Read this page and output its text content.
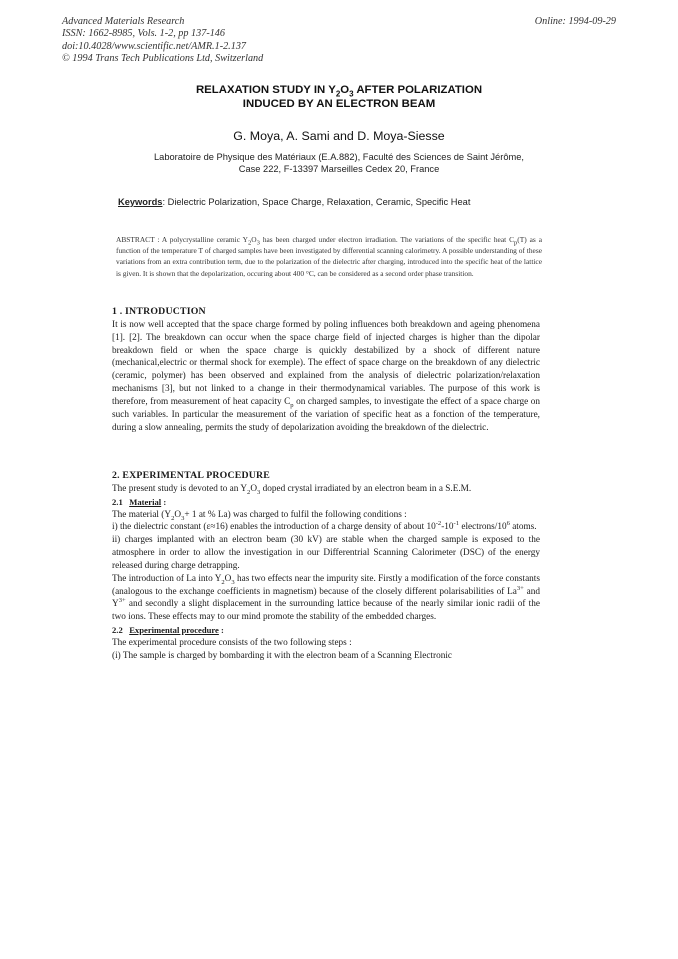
Advanced Materials Research
ISSN: 1662-8985, Vols. 1-2, pp 137-146
doi:10.4028/www.scientific.net/AMR.1-2.137
© 1994 Trans Tech Publications Ltd, Switzerland
Online: 1994-09-29
RELAXATION STUDY IN $Y_2O_3$ AFTER POLARIZATION
INDUCED BY AN ELECTRON BEAM
G. Moya, A. Sami and D. Moya-Siesse
Laboratoire de Physique des Matériaux (E.A.882), Faculté des Sciences de Saint Jérôme,
Case 222, F-13397 Marseilles Cedex 20, France
Keywords: Dielectric Polarization, Space Charge, Relaxation, Ceramic, Specific Heat
ABSTRACT : A polycrystalline ceramic $Y_2O_3$ has been charged under electron irradiation. The variations of the specific heat $C_p(T)$ as a function of the temperature T of charged samples have been investigated by differential scanning calorimetry. A possible understanding of these variations from an extra contribution term, due to the polarization of the dielectric after charging, introduced into the specific heat of the lattice is given. It is shown that the depolarization, occuring about 400 °C, can be considered as a second order phase transition.

1 . INTRODUCTION

It is now well accepted that the space charge formed by poling influences both breakdown and ageing phenomena [1]. [2]. The breakdown can occur when the space charge field of injected charges is higher than the dipolar breakdown field or when the space charge is quickly destabilized by a shock of different nature (mechanical,electric or thermal shock for exemple). The effect of space charge on the breakdown of any dielectric (ceramic, polymer) has been observed and explained from the analysis of dielectric polarization/relaxation mechanisms [3], but not linked to a change in their thermodynamical variables. The purpose of this work is therefore, from measurement of heat capacity $C_p$ on charged samples, to investigate the effect of a space charge on such variables. In particular the measurement of the variation of specific heat as a fonction of the temperature, during a slow annealing, permits the study of depolarization avoiding the breakdown of the dielectric.

2. EXPERIMENTAL PROCEDURE

The present study is devoted to an $Y_2O_3$ doped crystal irradiated by an electron beam in a S.E.M.

2.1 Material :

The material ($Y_2O_3+ 1$ at % La) was charged to fulfil the following conditions :

i) the dielectric constant (ε≈16) enables the introduction of a charge density of about $10^{-2}-10^{-1}$ electrons/$10^6$ atoms.

ii) charges implanted with an electron beam (30 kV) are stable when the charged sample is exposed to the atmosphere in order to allow the investigation in our Differentrial Scanning Calorimeter (DSC) of the energy released during charge detrapping.

The introduction of La into $Y_2O_3$ has two effects near the impurity site. Firstly a modification of the force constants (analogous to the exchange coefficients in magnetism) because of the closely different polarisabilities of $La^{3+}$ and $Y^{3+}$ and secondly a slight displacement in the surrounding lattice because of the nearly similar ionic radii of the two ions. These effects may to our mind promote the stability of the embedded charges.

2.2 Experimental procedure :

The experimental procedure consists of the two following steps :

(i) The sample is charged by bombarding it with the electron beam of a Scanning Electronic
